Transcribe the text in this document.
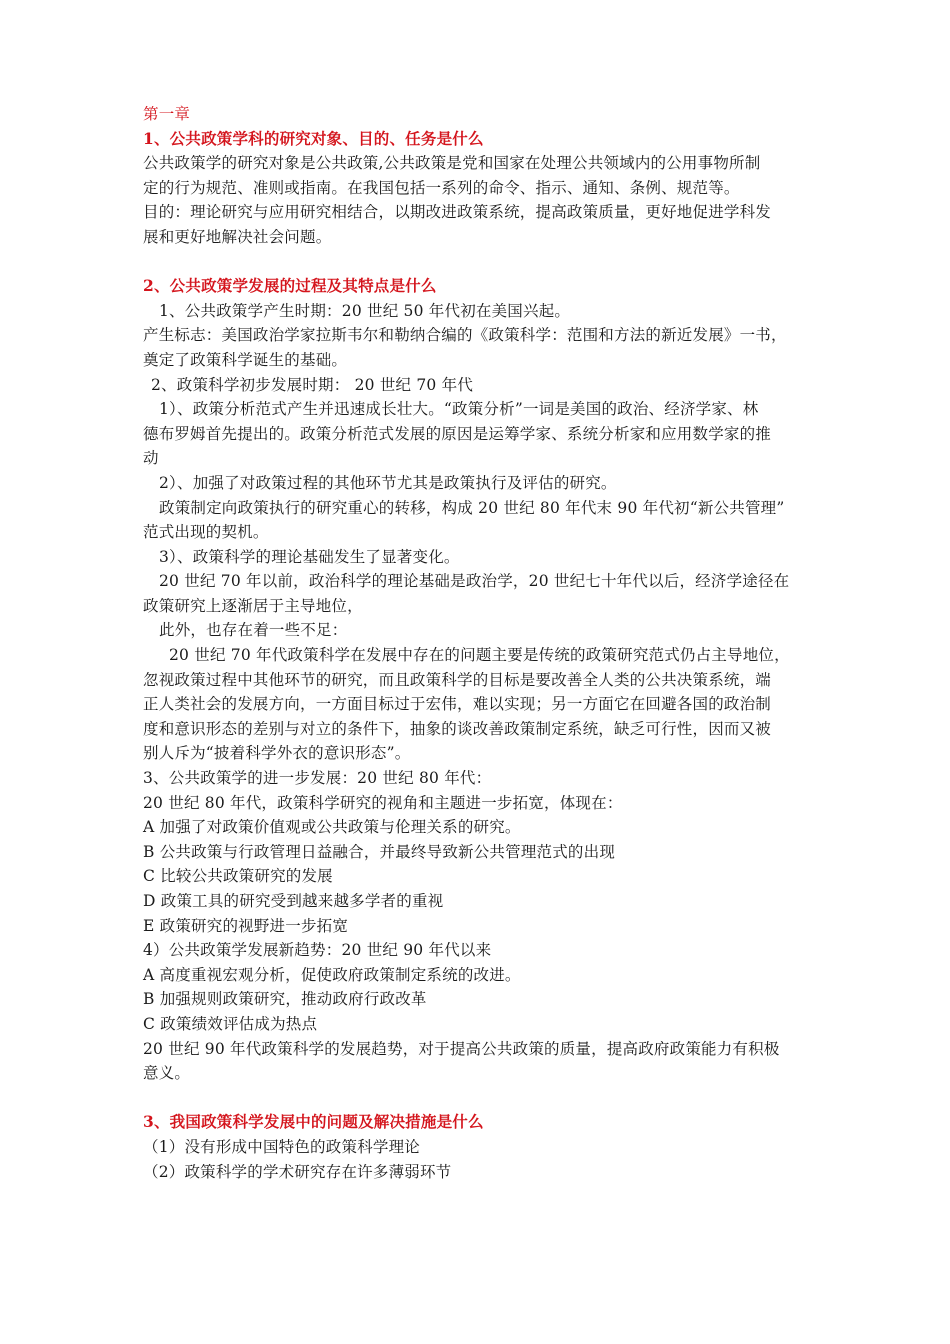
第一章
1、公共政策学科的研究对象、目的、任务是什么
公共政策学的研究对象是公共政策,公共政策是党和国家在处理公共领域内的公用事物所制
定的行为规范、准则或指南。在我国包括一系列的命令、指示、通知、条例、规范等。
目的：理论研究与应用研究相结合，以期改进政策系统，提高政策质量，更好地促进学科发
展和更好地解决社会问题。
2、公共政策学发展的过程及其特点是什么
1、公共政策学产生时期：20 世纪 50 年代初在美国兴起。
产生标志：美国政治学家拉斯韦尔和勒纳合编的《政策科学：范围和方法的新近发展》一书，
奠定了政策科学诞生的基础。
2、政策科学初步发展时期： 20 世纪 70 年代
1）、政策分析范式产生并迅速成长壮大。“政策分析”一词是美国的政治、经济学家、林
德布罗姆首先提出的。政策分析范式发展的原因是运筹学家、系统分析家和应用数学家的推
动
2）、加强了对政策过程的其他环节尤其是政策执行及评估的研究。
政策制定向政策执行的研究重心的转移，构成 20 世纪 80 年代末 90 年代初“新公共管理”
范式出现的契机。
3）、政策科学的理论基础发生了显著变化。
20 世纪 70 年以前，政治科学的理论基础是政治学，20 世纪七十年代以后，经济学途径在
政策研究上逐渐居于主导地位，
此外，也存在着一些不足：
20 世纪 70 年代政策科学在发展中存在的问题主要是传统的政策研究范式仍占主导地位，
忽视政策过程中其他环节的研究，而且政策科学的目标是要改善全人类的公共决策系统，端
正人类社会的发展方向，一方面目标过于宏伟，难以实现；另一方面它在回避各国的政治制
度和意识形态的差别与对立的条件下，抽象的谈改善政策制定系统，缺乏可行性，因而又被
别人斥为“披着科学外衣的意识形态”。
3、公共政策学的进一步发展：20 世纪 80 年代：
20 世纪 80 年代，政策科学研究的视角和主题进一步拓宽，体现在：
A 加强了对政策价值观或公共政策与伦理关系的研究。
B 公共政策与行政管理日益融合，并最终导致新公共管理范式的出现
C 比较公共政策研究的发展
D 政策工具的研究受到越来越多学者的重视
E 政策研究的视野进一步拓宽
4）公共政策学发展新趋势：20 世纪 90 年代以来
A 高度重视宏观分析，促使政府政策制定系统的改进。
B 加强规则政策研究，推动政府行政改革
C 政策绩效评估成为热点
20 世纪 90 年代政策科学的发展趋势，对于提高公共政策的质量，提高政府政策能力有积极
意义。
3、我国政策科学发展中的问题及解决措施是什么
（1）没有形成中国特色的政策科学理论
（2）政策科学的学术研究存在许多薄弱环节
